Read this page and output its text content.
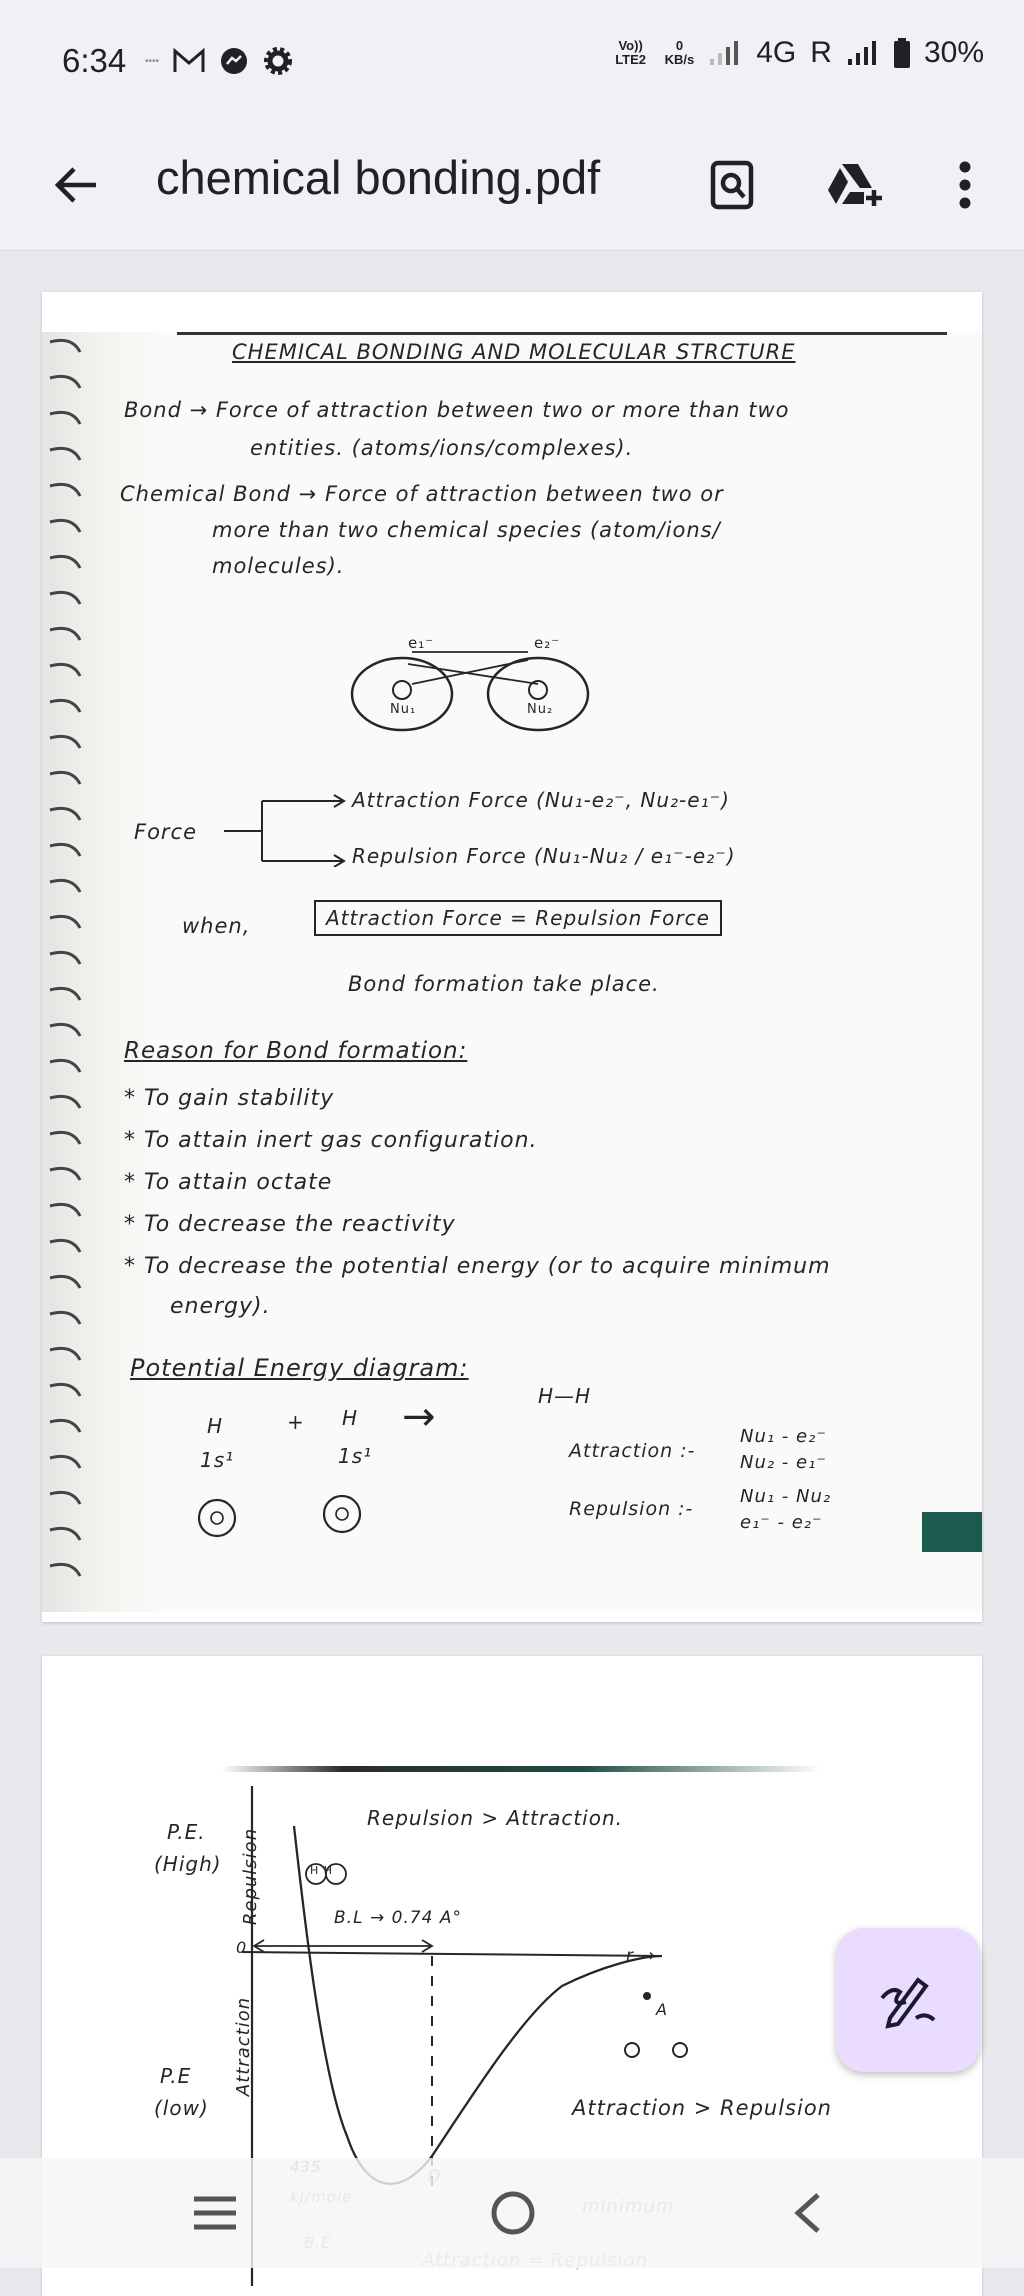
6:34 ••••
Vo)) LTE2
0
KB/s 4G R	30%
chemical bonding.pdf
CHEMICAL BONDING AND MOLECULAR STRCTURE
Bond → Force of attraction between two or more than two
entities. (atoms/ions/complexes).
Chemical Bond → Force of attraction between two or
more than two chemical species (atom/ions/
molecules).
e₁⁻	e₂⁻
Nu₁	Nu₂
Force
Attraction Force (Nu₁-e₂⁻, Nu₂-e₁⁻)
Repulsion Force (Nu₁-Nu₂ / e₁⁻-e₂⁻)
when,	Attraction Force = Repulsion Force
Bond formation take place.
Reason for Bond formation:
* To gain stability
* To attain inert gas configuration.
* To attain octate
* To decrease the reactivity
* To decrease the potential energy (or to acquire minimum
energy).
Potential Energy diagram:
H	+ H →	H—H
1s¹	1s¹	Attraction :-
Nu₁ - e₂⁻
Nu₂ - e₁⁻
Repulsion :-
Nu₁ - Nu₂
e₁⁻ - e₂⁻
P.E.
(High) Repulsion
Attraction
0
Repulsion > Attraction.
H H
B.L → 0.74 A°
r →
A
P.E
(low)	Attraction > Repulsion
